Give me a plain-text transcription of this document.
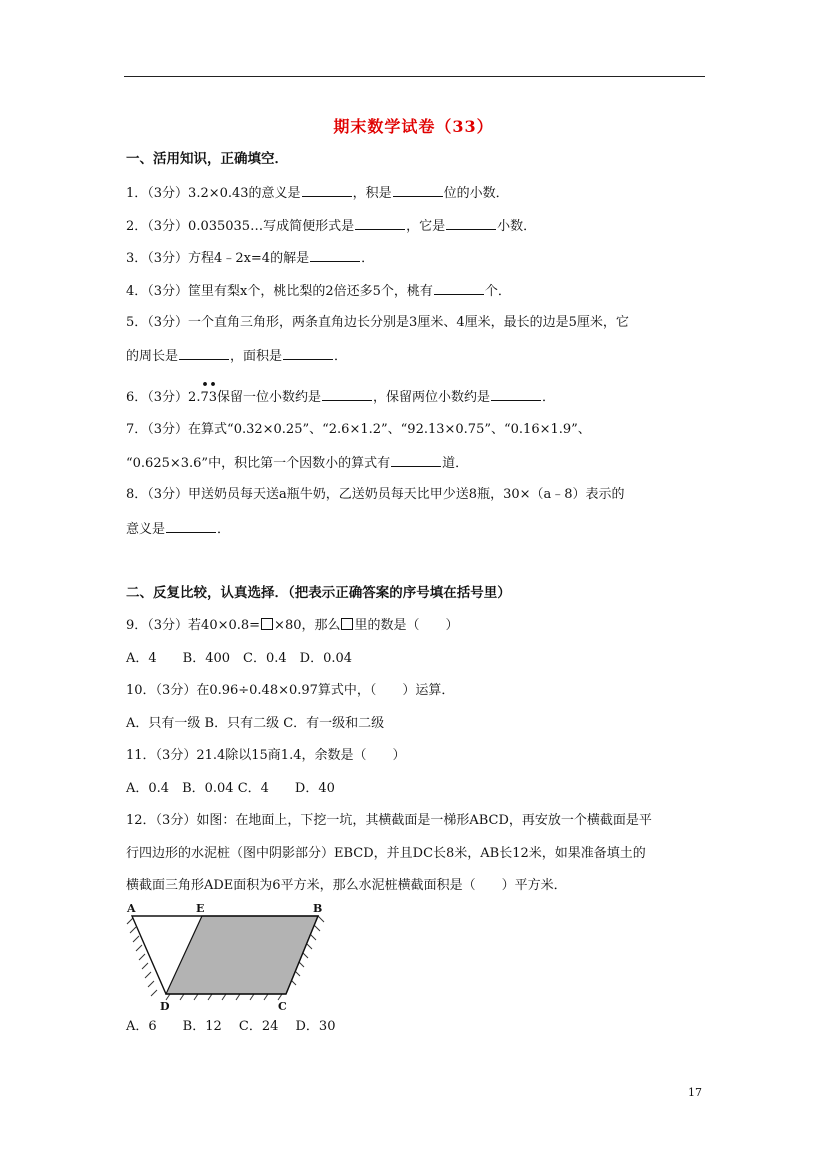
期末数学试卷（33）
一、活用知识，正确填空．
1．（3分）3.2×0.43的意义是	，积是	位的小数．
2．（3分）0.035035…写成简便形式是	，它是	小数．
3．（3分）方程4﹣2x=4的解是	．
4．（3分）筐里有梨x个，桃比梨的2倍还多5个，桃有	个．
5．（3分）一个直角三角形，两条直角边长分别是3厘米、4厘米，最长的边是5厘米，它
的周长是	，面积是	．
6．（3分）2.
••
73保留一位小数约是	，保留两位小数约是	．
7．（3分）在算式“0.32×0.25”、“2.6×1.2”、“92.13×0.75”、“0.16×1.9”、
“0.625×3.6”中，积比第一个因数小的算式有	道．
8．（3分）甲送奶员每天送a瓶牛奶，乙送奶员每天比甲少送8瓶，30×（a﹣8）表示的
意义是	．
二、反复比较，认真选择．（把表示正确答案的序号填在括号里）
9．（3分）若40×0.8= ×80，那么 里的数是（　　）
A．4　　B．400　C．0.4　D．0.04
10．（3分）在0.96÷0.48×0.97算式中，（　　）运算．
A．只有一级 B．只有二级 C．有一级和二级
11．（3分）21.4除以15商1.4，余数是（　　）
A．0.4　B．0.04 C．4　　D．40
12．（3分）如图：在地面上，下挖一坑，其横截面是一梯形ABCD，再安放一个横截面是平
行四边形的水泥桩（图中阴影部分）EBCD，并且DC长8米，AB长12米，如果准备填土的
横截面三角形ADE面积为6平方米，那么水泥桩横截面积是（　　）平方米．
A	E	B
D	C
A．6　　B．12　 C．24　 D．30
17
